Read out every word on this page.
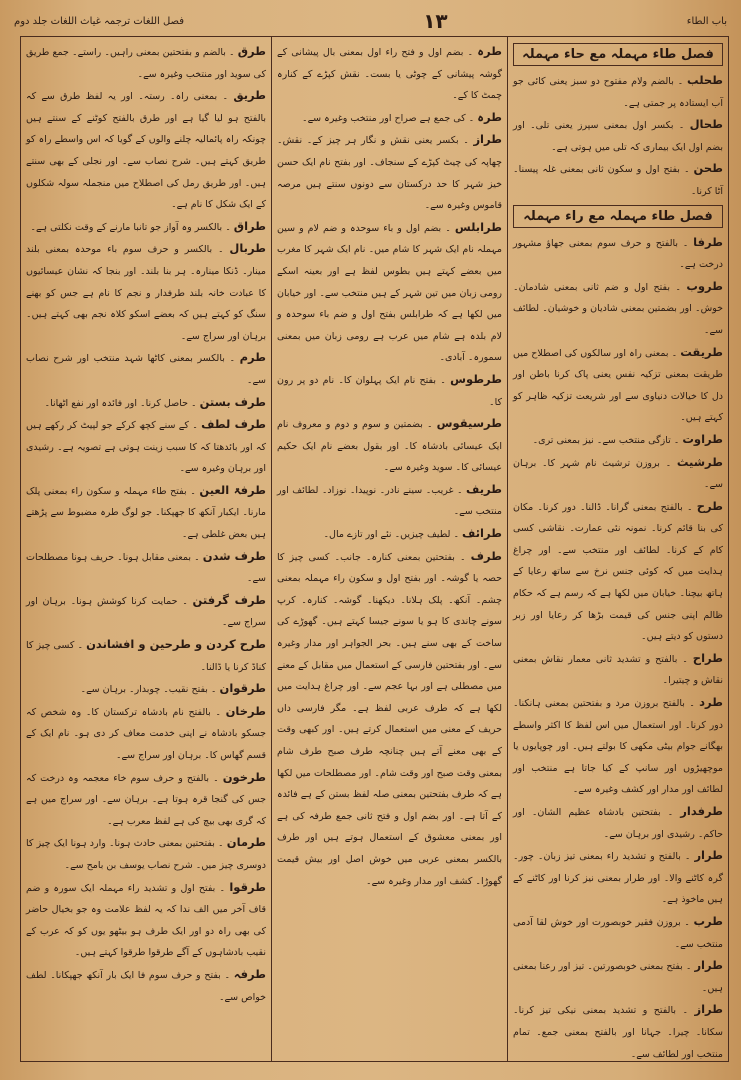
باب الطاء
۱۳
فصل اللغات ترجمہ غیاث اللغات جلد دوم
فصل طاء مہملہ مع حاء مہملہ

طحلب ۔ بالضم ولام مفتوح دو سبز یعنی کائی جو آب ایستادہ پر جمتی ہے۔

طحال ۔ بکسر اول بمعنی سپرز یعنی تلی۔ اور بضم اول ایک بیماری کہ تلی میں ہوتی ہے۔

طحن ۔ بفتح اول و سکون ثانی بمعنی غلہ پیسنا۔ آٹا کرنا۔

فصل طاء مہملہ مع راء مہملہ

طرفا ۔ بالفتح و حرف سوم بمعنی جھاؤ مشہور درخت ہے۔

طروب ۔ بفتح اول و ضم ثانی بمعنی شادمان۔ خوش۔ اور بضمتین بمعنی شادیان و خوشیان۔ لطائف سے۔

طریقت ۔ بمعنی راہ اور سالکوں کی اصطلاح میں طریقت بمعنی تزکیہ نفس یعنی پاک کرنا باطن اور دل کا خیالات دنیاوی سے اور شریعت تزکیہ ظاہر کو کہتے ہیں۔

طراوت ۔ تازگی منتخب سے۔ نیز بمعنی تری۔

طرشیث ۔ بروزن ترشیث نام شہر کا۔ برہان سے۔

طرح ۔ بالفتح بمعنی گرانا۔ ڈالنا۔ دور کرنا۔ مکان کی بنا قائم کرنا۔ نمونہ نئی عمارت۔ نقاشی کسی کام کے کرنا۔ لطائف اور منتخب سے۔ اور چراغ ہدایت میں کہ کوئی جنس نرخ سے ساتھ رعایا کے ہاتھ بیچنا۔ خیابان میں لکھا ہے کہ رسم ہے کہ حکام ظالم اپنی جنس کی قیمت بڑھا کر رعایا اور زبر دستوں کو دیتے ہیں۔

طراح ۔ بالفتح و تشدید ثانی معمار نقاش بمعنی نقاش و چیتیرا۔

طرد ۔ بالفتح بروزن مرد و بفتحتین بمعنی ہانکنا۔ دور کرنا۔ اور استعمال میں اس لفظ کا اکثر واسطے بھگانے جوام بیٹی مکھی کا بولتے ہیں۔ اور چوپایوں یا موچھیڑوں اور سانپ کے کیا جاتا ہے منتخب اور لطائف اور مدار اور کشف وغیرہ سے۔

طرفدار ۔ بفتحتین بادشاہ عظیم الشان۔ اور حاکم۔ رشیدی اور برہان سے۔

طرار ۔ بالفتح و تشدید راء بمعنی تیز زبان۔ چور۔ گرہ کاٹنے والا۔ اور طرار بمعنی نیز کرنا اور کاٹنے کے ہیں ماخوذ ہے۔

طرب ۔ بروزن فقیر خوبصورت اور خوش لقا آدمی منتخب سے۔

طرار ۔ بفتح بمعنی خوبصورتین۔ تیز اور رعنا بمعنی ہیں۔

طراز ۔ بالفتح و تشدید بمعنی نیکی تیز کرنا۔ سکانا۔ چیرا۔ جہانا اور بالفتح بمعنی جمع۔ تمام منتخب اور لطائف سے۔

طرہ ۔ بضم اول و فتح راء اول بمعنی بال پیشانی کے گوشہ پیشانی کے چوٹی یا بست۔ نقش کپڑے کے کنارہ چمٹ کا کے۔

طرہ ۔ کی جمع ہے صراح اور منتخب وغیرہ سے۔

طراز ۔ بکسر یعنی نقش و نگار ہر چیز کے۔ نقش۔ چھاپہ کی چیٹ کپڑے کے سنجاف۔ اور بفتح نام ایک حسن خیز شہر کا حد درکستان سے دونوں سنتے ہیں مرصہ قاموس وغیرہ سے۔

طرابلس ۔ بضم اول و باء سوحدہ و ضم لام و سین مہملہ نام ایک شہر کا شام میں۔ نام ایک شہر کا مغرب میں بعضے کہتے ہیں بطوس لفظ ہے اور بعینہ اسکے رومی زبان میں تین شہر کے ہیں منتخب سے۔ اور خیابان میں لکھا ہے کہ طرابلس بفتح اول و ضم باء سوحدہ و لام بلدہ ہے شام میں عرب ہے رومی زبان میں بمعنی سمورہ۔ آبادی۔

طرطوس ۔ بفتح نام ایک پہلوان کا۔ نام دو پر رون کا۔

طرسیقوس ۔ بضمتین و سوم و دوم و معروف نام ایک عیسائی بادشاہ کا۔ اور بقول بعضے نام ایک حکیم عیسائی کا۔ سوید وغیرہ سے۔

طریف ۔ غریب۔ سینے نادر۔ نوپیدا۔ نوزاد۔ لطائف اور منتخب سے۔

طرائف ۔ لطیف چیزیں۔ نئے اور تازے مال۔

طرف ۔ بفتحتین بمعنی کنارہ۔ جانب۔ کسی چیز کا حصہ یا گوشہ۔ اور بفتح اول و سکون راء مہملہ بمعنی چشم۔ آنکھ۔ پلک ہلانا۔ دیکھنا۔ گوشہ۔ کنارہ۔ کرپ سونے چاندی کا ہو یا سونے جیسا کہتے ہیں۔ گھوڑے کی ساخت کے بھی سنے ہیں۔ بحر الجواہر اور مدار وغیرہ سے۔ اور بفتحتین فارسی کے استعمال میں مقابل کے معنے میں مصطلی ہے اور بہا عجم سے۔ اور چراغ ہدایت میں لکھا ہے کہ طرف عربی لفظ ہے۔ مگر فارسی داں حریف کے معنی میں استعمال کرتے ہیں۔ اور کبھی وقت کے بھی معنے آتے ہیں چنانچہ طرف صبح طرف شام بمعنی وقت صبح اور وقت شام۔ اور مصطلحات میں لکھا ہے کہ طرف بفتحتین بمعنی صلہ لفظ بستن کے ہے فائدہ کے آتا ہے۔ اور بضم اول و فتح ثانی جمع طرفہ کی ہے اور بمعنی معشوق کے استعمال ہوتے ہیں اور طرف بالکسر بمعنی عربی میں خوش اصل اور بیش قیمت گھوڑا۔ کشف اور مدار وغیرہ سے۔

طرق ۔ بالضم و بفتحتین بمعنی راہیں۔ راستے۔ جمع طریق کی سوید اور منتخب وغیرہ سے۔

طریق ۔ بمعنی راہ۔ رستہ۔ اور یہ لفظ طرق سے کہ بالفتح ہو لیا گیا ہے اور طرق بالفتح کوٹنے کے سنتے ہیں چونکہ راہ پائمالیہ چلنے والوں کے گویا کہ اس واسطے راہ کو طریق کہتے ہیں۔ شرح نصاب سے۔ اور نجلی کے بھی سنتے ہیں۔ اور طریق رمل کی اصطلاح میں منجملہ سولہ شکلوں کے ایک شکل کا نام ہے۔

طراق ۔ بالکسر وہ آواز جو تانبا مارنے کے وقت نکلتی ہے۔

طربال ۔ بالکسر و حرف سوم باء موحدہ بمعنی بلند مینار۔ ڈنکا مینارہ۔ ہر بنا بلند۔ اور بنجا کہ نشان عیسائیوں کا عبادت خانہ بلند طرفدار و نجم کا نام ہے جس کو بھنے سنگ کو کہتے ہیں کہ بعضے اسکو کلاہ نجم بھی کہتے ہیں۔ برہان اور سراج سے۔

طرم ۔ بالکسر بمعنی کاٹھا شہد منتخب اور شرح نصاب سے۔

طرف بستن ۔ حاصل کرنا۔ اور فائدہ اور نفع اٹھانا۔

طرف لطف ۔ کے سنے کچھ کرکے جو لپیٹ کر رکھے ہیں کہ اور بائدھتا کہ کا سبب زینت ہوتی ہے تصویہ ہے۔ رشیدی اور برہان وغیرہ سے۔

طرفۃ العین ۔ بفتح طاء مہملہ و سکون راء بمعنی پلک مارنا۔ ایکبار آنکھ کا جھپکنا۔ جو لوگ طرہ مضبوط سے پڑھتے ہیں بعض غلطی ہے۔

طرف شدن ۔ بمعنی مقابل ہونا۔ حریف ہونا مصطلحات سے۔

طرف گرفتن ۔ حمایت کرنا کوشش ہونا۔ برہان اور سراج سے۔

طرح کردن و طرحین و افشاندن ۔ کسی چیز کا کناڈ کرنا یا ڈالنا۔

طرقوان ۔ بفتح نقیب۔ چوبدار۔ برہان سے۔

طرخان ۔ بالفتح نام بادشاہ ترکستان کا۔ وہ شخص کہ جسکو بادشاہ نے اپنی خدمت معاف کر دی ہو۔ نام ایک کے قسم گھاس کا۔ برہان اور سراج سے۔

طرخون ۔ بالفتح و حرف سوم خاء معجمہ وہ درخت کہ جس کی گنجا قرہ ہوتا ہے۔ برہان سے۔ اور سراج میں ہے کہ گری بھی بیچ کی ہے لفظ معرب ہے۔

طرمان ۔ بفتحتین بمعنی حادث ہونا۔ وارد ہونا ایک چیز کا دوسری چیز میں۔ شرح نصاب یوسف بن بامح سے۔

طرقوا ۔ بفتح اول و تشدید راء مہملہ ایک سورہ و ضم قاف آخر میں الف ندا کہ یہ لفظ علامت وہ جو بخیال حاضر کی بھی راہ دو اور ایک طرف ہو بیٹھو یوں کو کہ عرب کے نقیب بادشاہوں کے آگے طرقوا طرقوا کہتے ہیں۔

طرفہ ۔ بفتح و حرف سوم فا ایک بار آنکھ جھپکانا۔ لطف خواص سے۔
